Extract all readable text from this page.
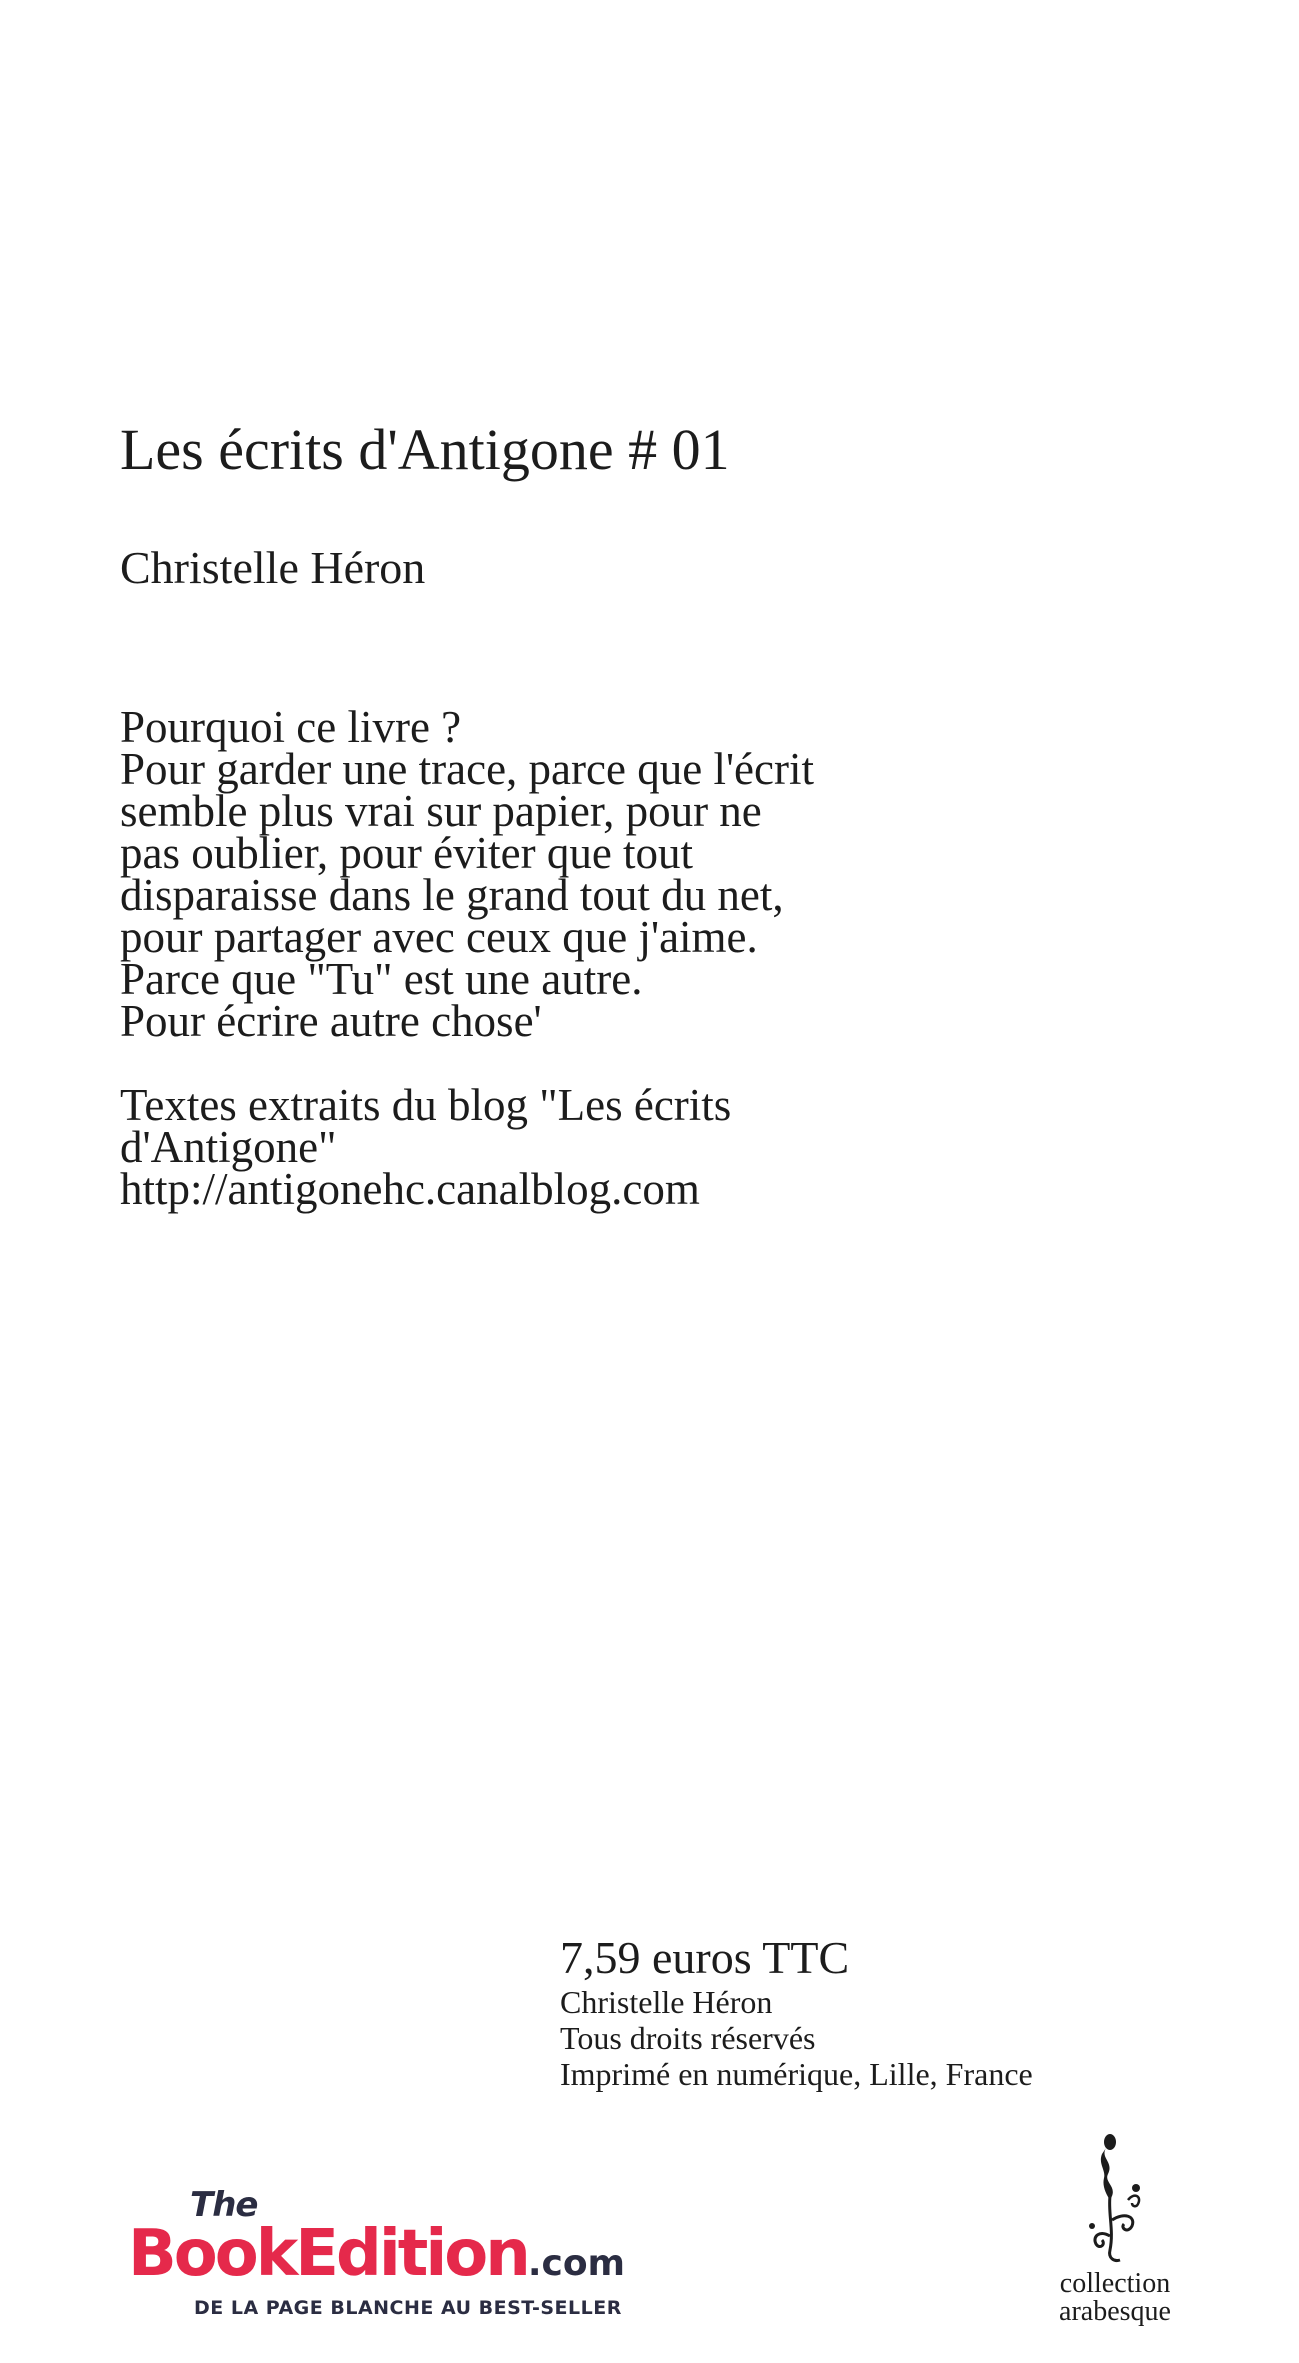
Les écrits d'Antigone # 01
Christelle Héron
Pourquoi ce livre ?
Pour garder une trace, parce que l'écrit
semble plus vrai sur papier, pour ne
pas oublier, pour éviter que tout
disparaisse dans le grand tout du net,
pour partager avec ceux que j'aime.
Parce que "Tu" est une autre.
Pour écrire autre chose'
Textes extraits du blog "Les écrits
d'Antigone"
http://antigonehc.canalblog.com
7,59 euros TTC
Christelle Héron
Tous droits réservés
Imprimé en numérique, Lille, France
The
BookEdition.com
DE LA PAGE BLANCHE AU BEST-SELLER
collection
arabesque
